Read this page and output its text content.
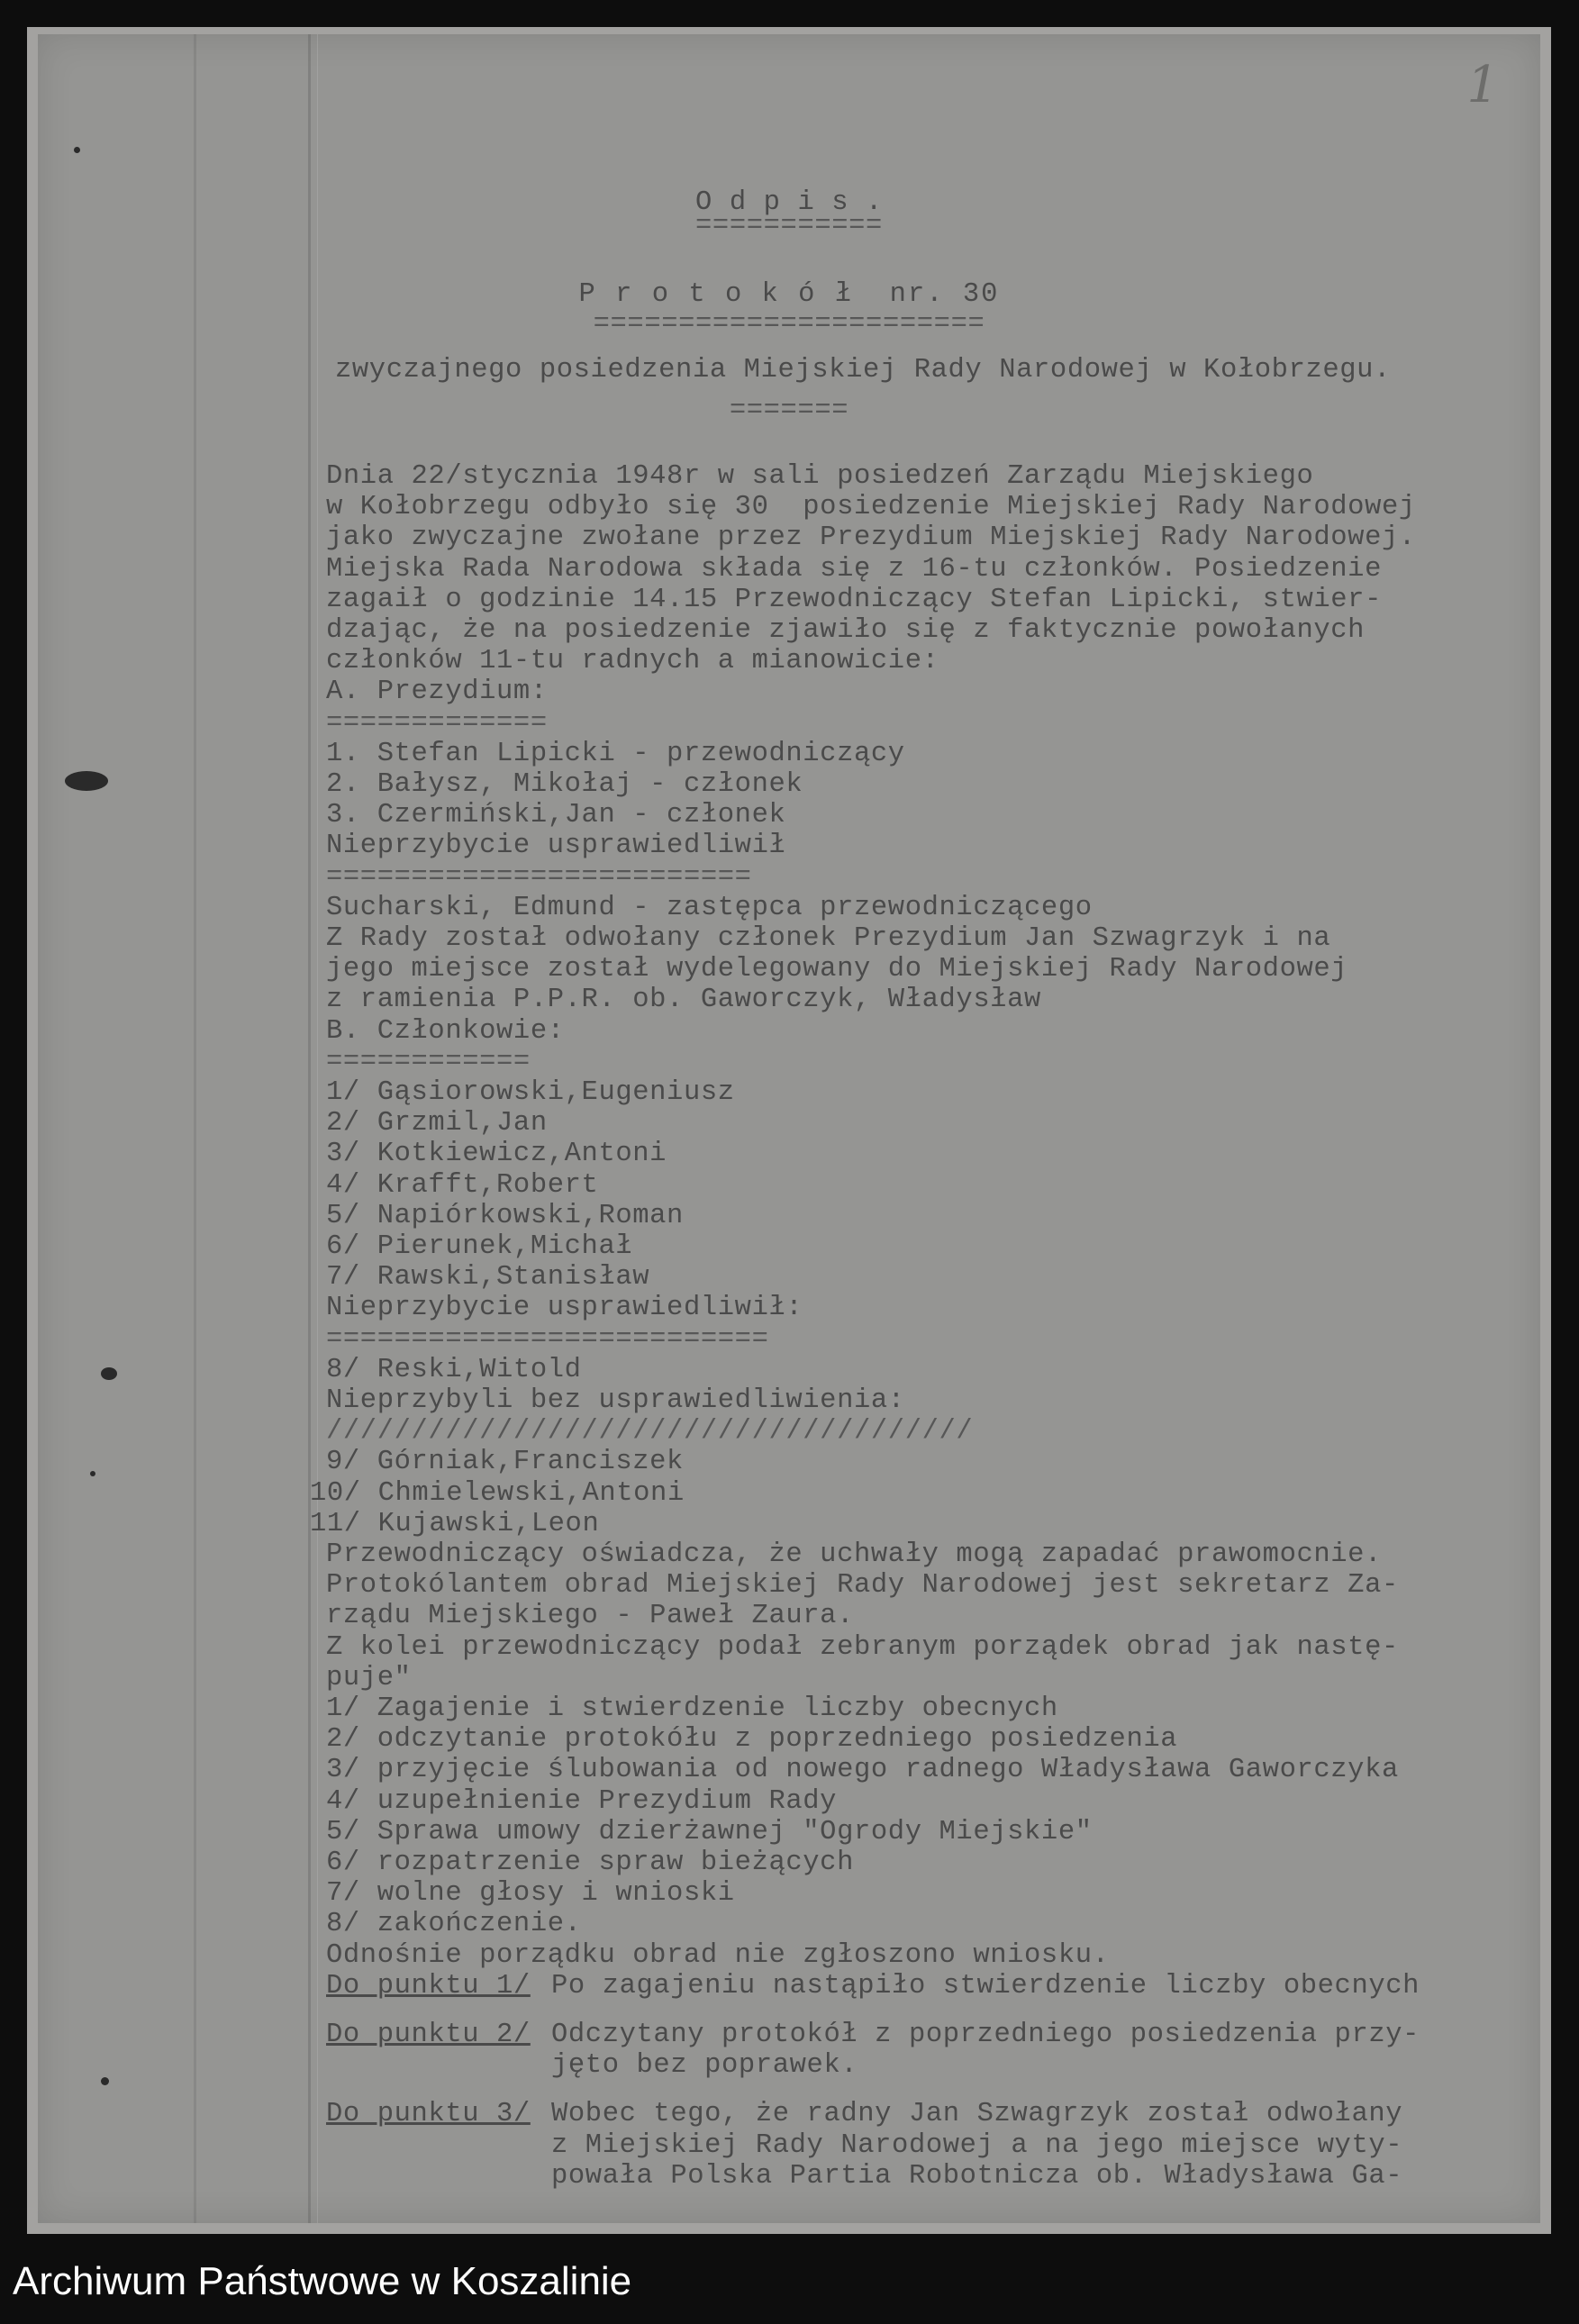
1
O d p i s .
===========
P r o t o k ó ł  nr. 30
=======================
zwyczajnego posiedzenia Miejskiej Rady Narodowej w Kołobrzegu.
=======
Dnia 22/stycznia 1948r w sali posiedzeń Zarządu Miejskiego
w Kołobrzegu odbyło się 30  posiedzenie Miejskiej Rady Narodowej
jako zwyczajne zwołane przez Prezydium Miejskiej Rady Narodowej.
Miejska Rada Narodowa składa się z 16-tu członków. Posiedzenie
zagaił o godzinie 14.15 Przewodniczący Stefan Lipicki, stwier-
dzając, że na posiedzenie zjawiło się z faktycznie powołanych
członków 11-tu radnych a mianowicie:
A. Prezydium:
=============
1. Stefan Lipicki - przewodniczący
2. Bałysz, Mikołaj - członek
3. Czermiński,Jan - członek
Nieprzybycie usprawiedliwił
=========================
Sucharski, Edmund - zastępca przewodniczącego
Z Rady został odwołany członek Prezydium Jan Szwagrzyk i na
jego miejsce został wydelegowany do Miejskiej Rady Narodowej
z ramienia P.P.R. ob. Gaworczyk, Władysław
B. Członkowie:
============
1/ Gąsiorowski,Eugeniusz
2/ Grzmil,Jan
3/ Kotkiewicz,Antoni
4/ Krafft,Robert
5/ Napiórkowski,Roman
6/ Pierunek,Michał
7/ Rawski,Stanisław
Nieprzybycie usprawiedliwił:
==========================
8/ Reski,Witold
Nieprzybyli bez usprawiedliwienia:
//////////////////////////////////////
9/ Górniak,Franciszek
10/ Chmielewski,Antoni
11/ Kujawski,Leon
Przewodniczący oświadcza, że uchwały mogą zapadać prawomocnie.
Protokólantem obrad Miejskiej Rady Narodowej jest sekretarz Za-
rządu Miejskiego - Paweł Zaura.
Z kolei przewodniczący podał zebranym porządek obrad jak nastę-
puje"
1/ Zagajenie i stwierdzenie liczby obecnych
2/ odczytanie protokółu z poprzedniego posiedzenia
3/ przyjęcie ślubowania od nowego radnego Władysława Gaworczyka
4/ uzupełnienie Prezydium Rady
5/ Sprawa umowy dzierżawnej "Ogrody Miejskie"
6/ rozpatrzenie spraw bieżących
7/ wolne głosy i wnioski
8/ zakończenie.
Odnośnie porządku obrad nie zgłoszono wniosku.
Do punktu 1/ Po zagajeniu nastąpiło stwierdzenie liczby obecnych
Do punktu 2/ Odczytany protokół z poprzedniego posiedzenia przy-
jęto bez poprawek.
Do punktu 3/ Wobec tego, że radny Jan Szwagrzyk został odwołany
z Miejskiej Rady Narodowej a na jego miejsce wyty-
powała Polska Partia Robotnicza ob. Władysława Ga-
Archiwum Państwowe w Koszalinie
